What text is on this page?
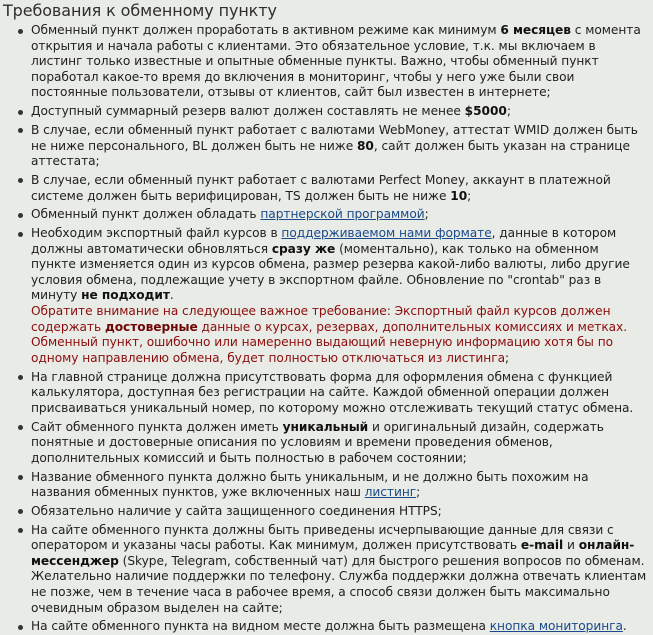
Требования к обменному пункту
Обменный пункт должен проработать в активном режиме как минимум 6 месяцев с момента открытия и начала работы с клиентами. Это обязательное условие, т.к. мы включаем в листинг только известные и опытные обменные пункты. Важно, чтобы обменный пункт поработал какое-то время до включения в мониторинг, чтобы у него уже были свои постоянные пользователи, отзывы от клиентов, сайт был известен в интернете;
Доступный суммарный резерв валют должен составлять не менее $5000;
В случае, если обменный пункт работает с валютами WebMoney, аттестат WMID должен быть не ниже персонального, BL должен быть не ниже 80, сайт должен быть указан на странице аттестата;
В случае, если обменный пункт работает с валютами Perfect Money, аккаунт в платежной системе должен быть верифицирован, TS должен быть не ниже 10;
Обменный пункт должен обладать партнерской программой;
Необходим экспортный файл курсов в поддерживаемом нами формате, данные в котором должны автоматически обновляться сразу же (моментально), как только на обменном пункте изменяется один из курсов обмена, размер резерва какой-либо валюты, либо другие условия обмена, подлежащие учету в экспортном файле. Обновление по "crontab" раз в минуту не подходит.
Обратите внимание на следующее важное требование: Экспортный файл курсов должен содержать достоверные данные о курсах, резервах, дополнительных комиссиях и метках. Обменный пункт, ошибочно или намеренно выдающий неверную информацию хотя бы по одному направлению обмена, будет полностью отключаться из листинга;
На главной странице должна присутствовать форма для оформления обмена с функцией калькулятора, доступная без регистрации на сайте. Каждой обменной операции должен присваиваться уникальный номер, по которому можно отслеживать текущий статус обмена.
Сайт обменного пункта должен иметь уникальный и оригинальный дизайн, содержать понятные и достоверные описания по условиям и времени проведения обменов, дополнительных комиссий и быть полностью в рабочем состоянии;
Название обменного пункта должно быть уникальным, и не должно быть похожим на названия обменных пунктов, уже включенных наш листинг;
Обязательно наличие у сайта защищенного соединения HTTPS;
На сайте обменного пункта должны быть приведены исчерпывающие данные для связи с оператором и указаны часы работы. Как минимум, должен присутствовать e-mail и онлайн-мессенджер (Skype, Telegram, собственный чат) для быстрого решения вопросов по обменам. Желательно наличие поддержки по телефону. Служба поддержки должна отвечать клиентам не позже, чем в течение часа в рабочее время, а способ связи должен быть максимально очевидным образом выделен на сайте;
На сайте обменного пункта на видном месте должна быть размещена кнопка мониторинга.
